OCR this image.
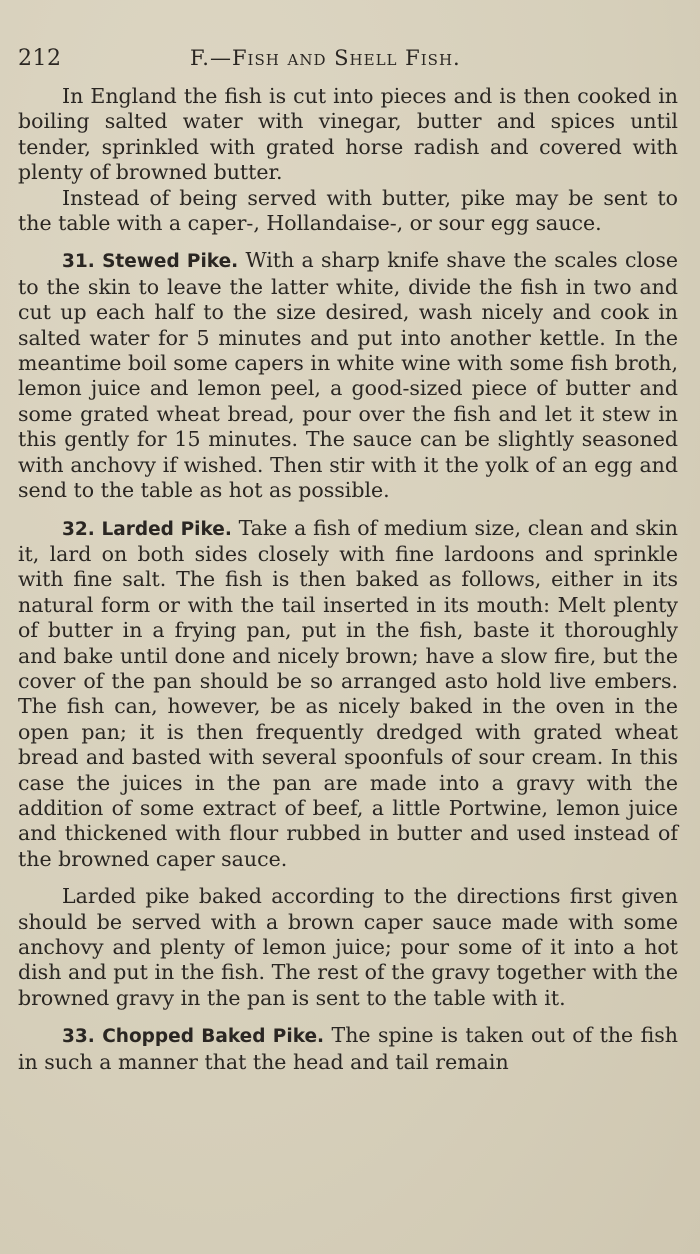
212	F.—Fish and Shell Fish.

In England the fish is cut into pieces and is then cooked in boiling salted water with vinegar, butter and spices until tender, sprinkled with grated horse radish and covered with plenty of browned butter.

Instead of being served with butter, pike may be sent to the table with a caper-, Hollandaise-, or sour egg sauce.

31. Stewed Pike. With a sharp knife shave the scales close to the skin to leave the latter white, divide the fish in two and cut up each half to the size desired, wash nicely and cook in salted water for 5 minutes and put into another kettle. In the meantime boil some capers in white wine with some fish broth, lemon juice and lemon peel, a good-sized piece of butter and some grated wheat bread, pour over the fish and let it stew in this gently for 15 minutes. The sauce can be slightly seasoned with anchovy if wished. Then stir with it the yolk of an egg and send to the table as hot as possible.

32. Larded Pike. Take a fish of medium size, clean and skin it, lard on both sides closely with fine lardoons and sprinkle with fine salt. The fish is then baked as follows, either in its natural form or with the tail inserted in its mouth: Melt plenty of butter in a frying pan, put in the fish, baste it thoroughly and bake until done and nicely brown; have a slow fire, but the cover of the pan should be so arranged asto hold live embers. The fish can, however, be as nicely baked in the oven in the open pan; it is then frequently dredged with grated wheat bread and basted with several spoonfuls of sour cream. In this case the juices in the pan are made into a gravy with the addition of some extract of beef, a little Portwine, lemon juice and thickened with flour rubbed in butter and used instead of the browned caper sauce.

Larded pike baked according to the directions first given should be served with a brown caper sauce made with some anchovy and plenty of lemon juice; pour some of it into a hot dish and put in the fish. The rest of the gravy together with the browned gravy in the pan is sent to the table with it.

33. Chopped Baked Pike. The spine is taken out of the fish in such a manner that the head and tail remain
